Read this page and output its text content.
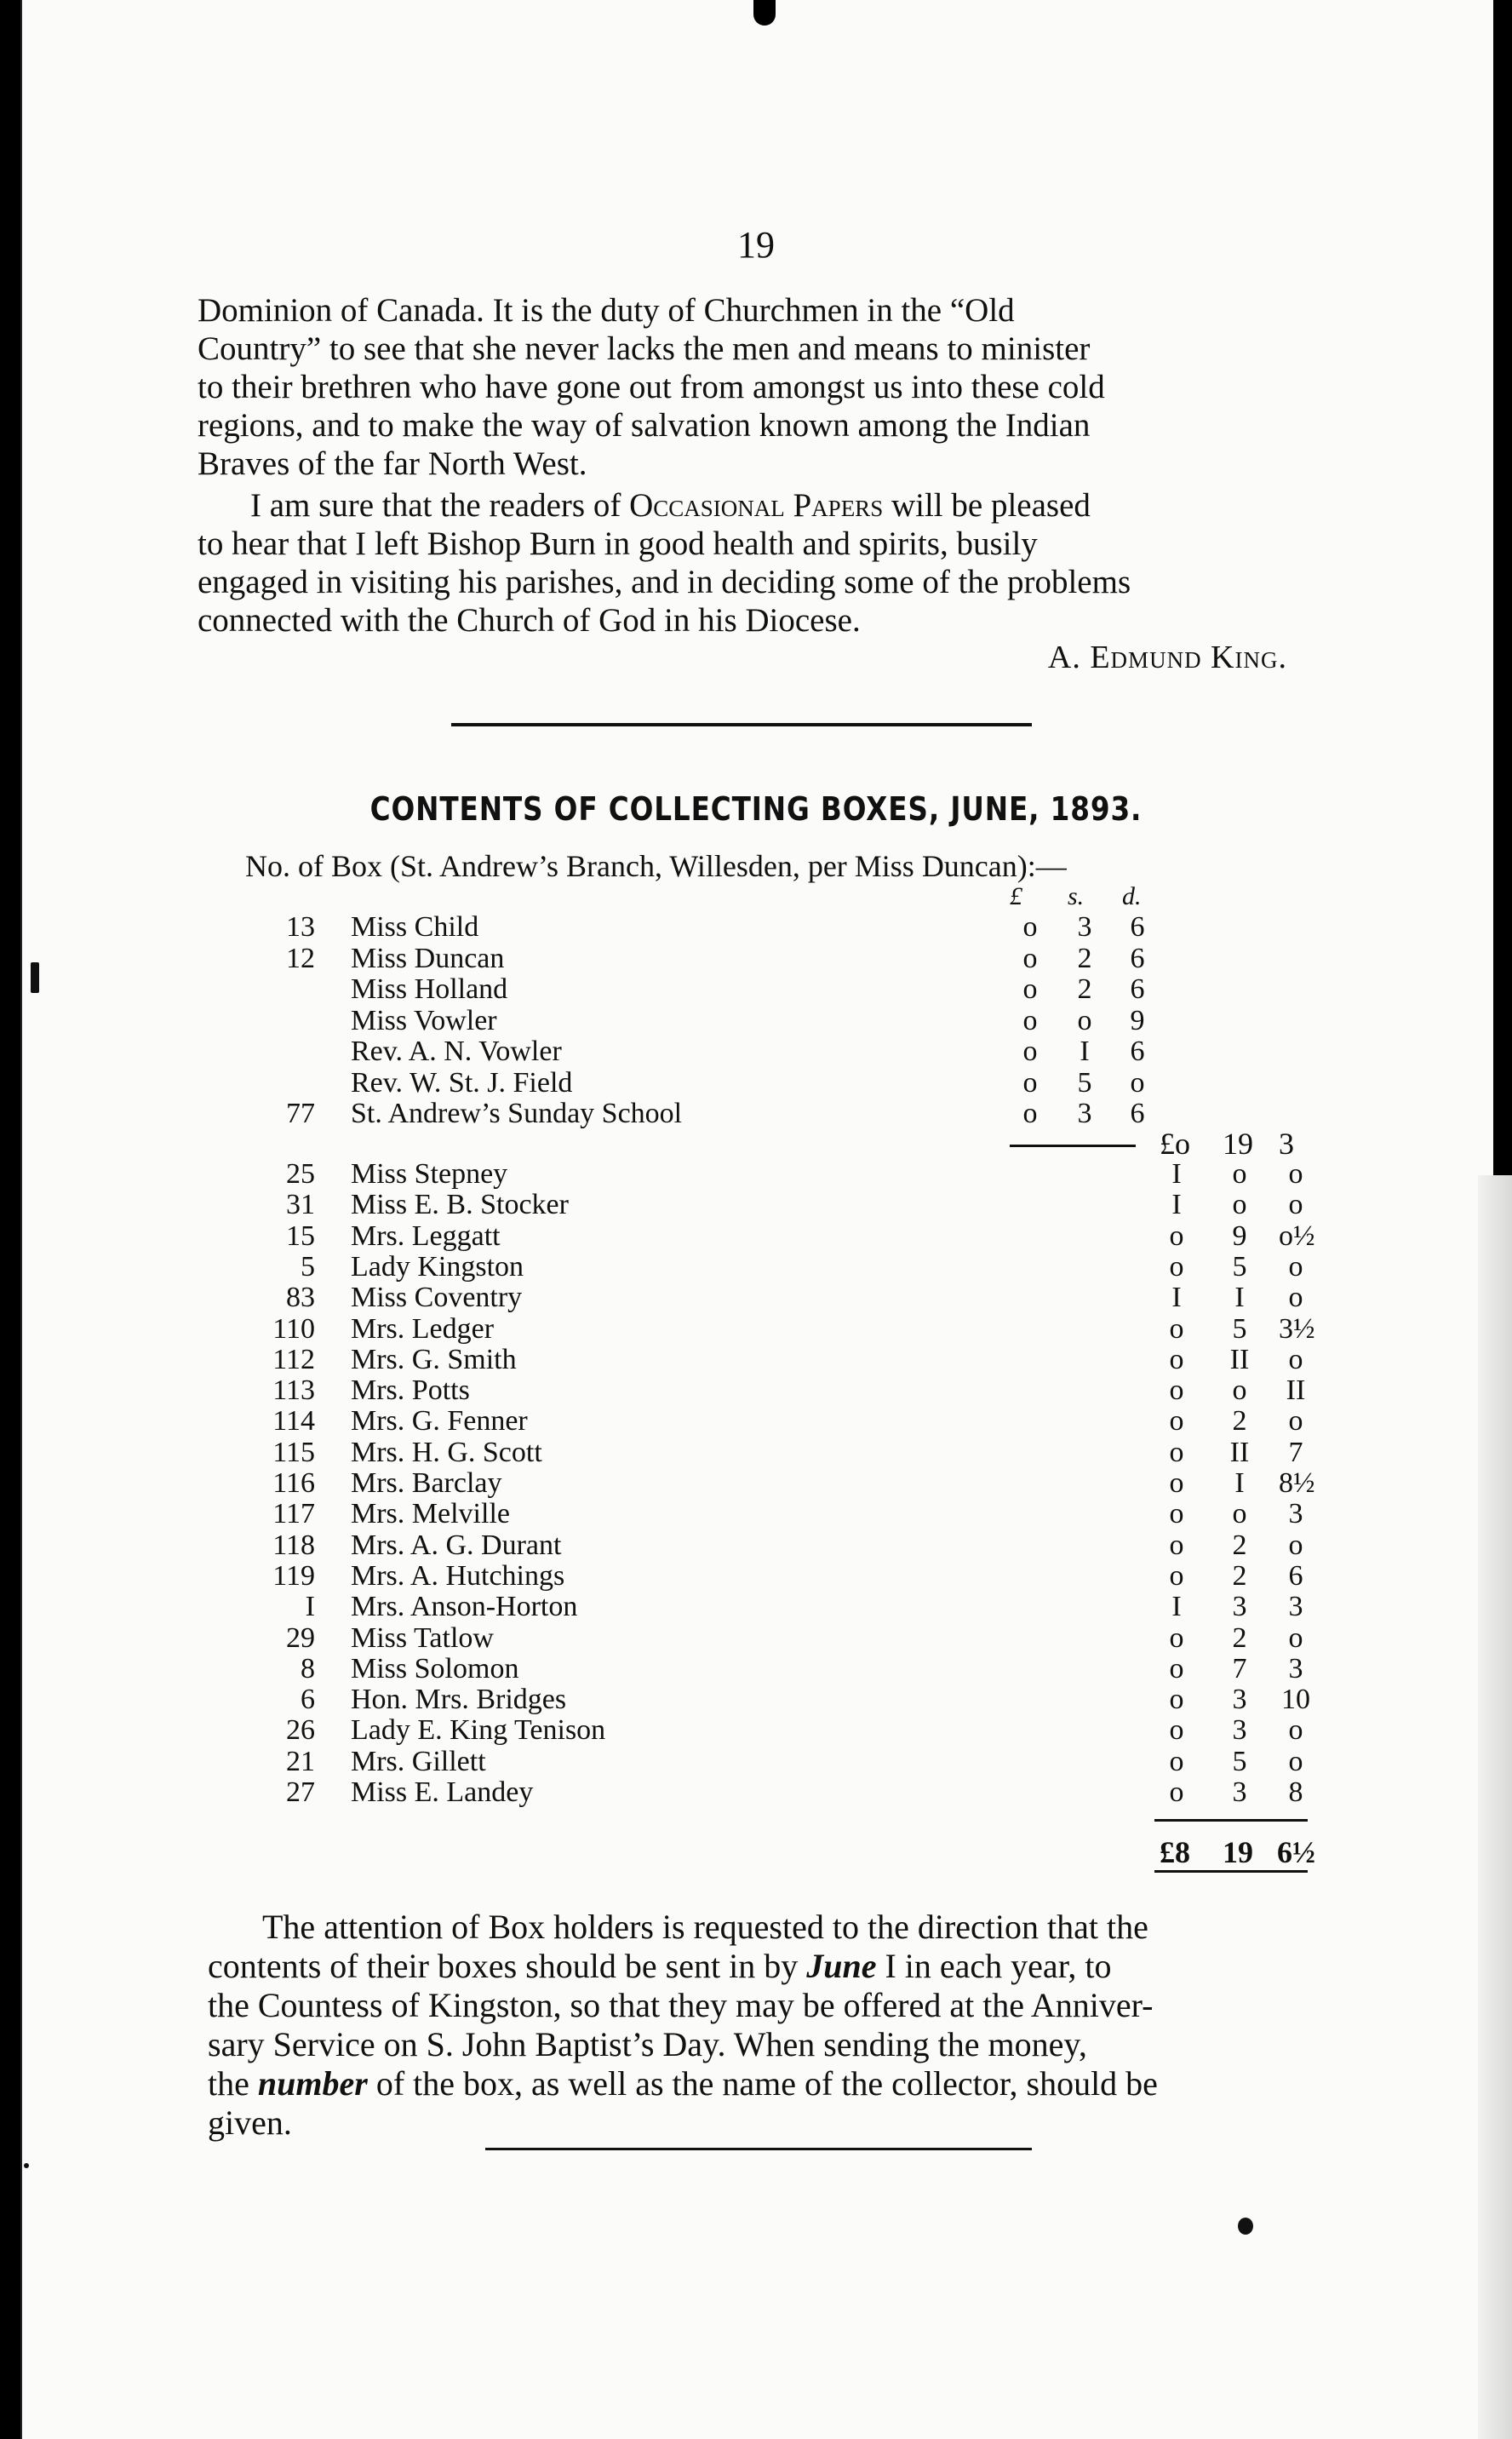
19
Dominion of Canada. It is the duty of Churchmen in the “Old
Country” to see that she never lacks the men and means to minister
to their brethren who have gone out from amongst us into these cold
regions, and to make the way of salvation known among the Indian
Braves of the far North West.
I am sure that the readers of Occasional Papers will be pleased
to hear that I left Bishop Burn in good health and spirits, busily
engaged in visiting his parishes, and in deciding some of the problems
connected with the Church of God in his Diocese.
A. Edmund King.
CONTENTS OF COLLECTING BOXES, JUNE, 1893.
No. of Box (St. Andrew’s Branch, Willesden, per Miss Duncan):—
£ s. d.
13 Miss Child	o	3	6
12 Miss Duncan	o	2	6
Miss Holland	o	2	6
Miss Vowler	o	o	9
Rev. A. N. Vowler	o	I	6
Rev. W. St. J. Field	o	5	o
77 St. Andrew’s Sunday School	o	3	6
£o 19 3
25 Miss Stepney	I	o	o
31 Miss E. B. Stocker	I	o	o
15 Mrs. Leggatt	o	9	o½
5 Lady Kingston	o	5	o
83 Miss Coventry	I	I	o
110 Mrs. Ledger	o	5	3½
112 Mrs. G. Smith	o	II	o
113 Mrs. Potts	o	o	II
114 Mrs. G. Fenner	o	2	o
115 Mrs. H. G. Scott	o	II	7
116 Mrs. Barclay	o	I	8½
117 Mrs. Melville	o	o	3
118 Mrs. A. G. Durant	o	2	o
119 Mrs. A. Hutchings	o	2	6
I Mrs. Anson-Horton	I	3	3
29 Miss Tatlow	o	2	o
8 Miss Solomon	o	7	3
6 Hon. Mrs. Bridges	o	3	10
26 Lady E. King Tenison	o	3	o
21 Mrs. Gillett	o	5	o
27 Miss E. Landey	o	3	8
£8 19 6½
The attention of Box holders is requested to the direction that the
contents of their boxes should be sent in by June I in each year, to
the Countess of Kingston, so that they may be offered at the Anniver-
sary Service on S. John Baptist’s Day. When sending the money,
the number of the box, as well as the name of the collector, should be
given.
